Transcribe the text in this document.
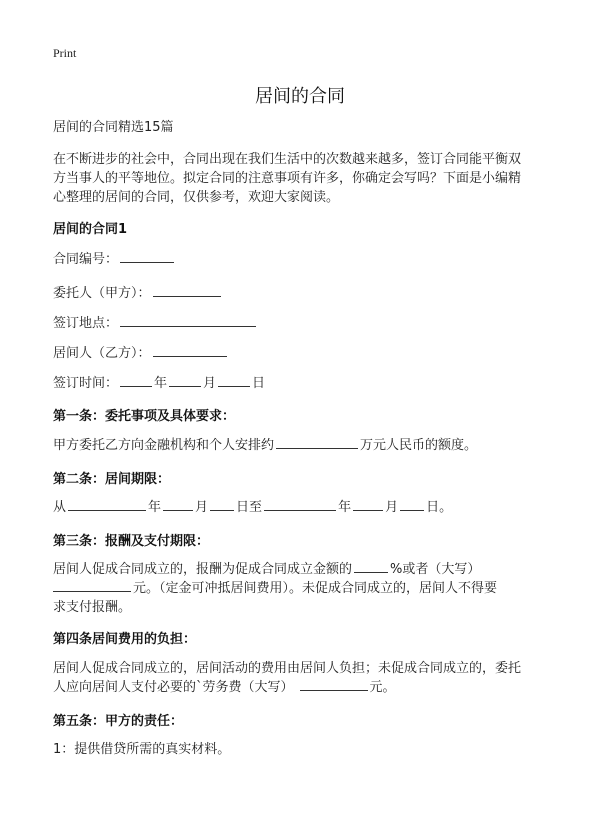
Print
居间的合同
居间的合同精选15篇
在不断进步的社会中，合同出现在我们生活中的次数越来越多，签订合同能平衡双
方当事人的平等地位。拟定合同的注意事项有许多，你确定会写吗？下面是小编精
心整理的居间的合同，仅供参考，欢迎大家阅读。
居间的合同1
合同编号：
委托人（甲方）：
签订地点：
居间人（乙方）：
签订时间：	年	月	日
第一条：委托事项及具体要求：
甲方委托乙方向金融机构和个人安排约	万元人民币的额度。
第二条：居间期限：
从	年	月 日至	年	月 日。
第三条：报酬及支付期限：
居间人促成合同成立的，报酬为促成合同成立金额的	%或者（大写）
元。（定金可冲抵居间费用）。未促成合同成立的，居间人不得要
求支付报酬。
第四条居间费用的负担：
居间人促成合同成立的，居间活动的费用由居间人负担；未促成合同成立的，委托
人应向居间人支付必要的`劳务费（大写）	元。
第五条：甲方的责任：
1：提供借贷所需的真实材料。
